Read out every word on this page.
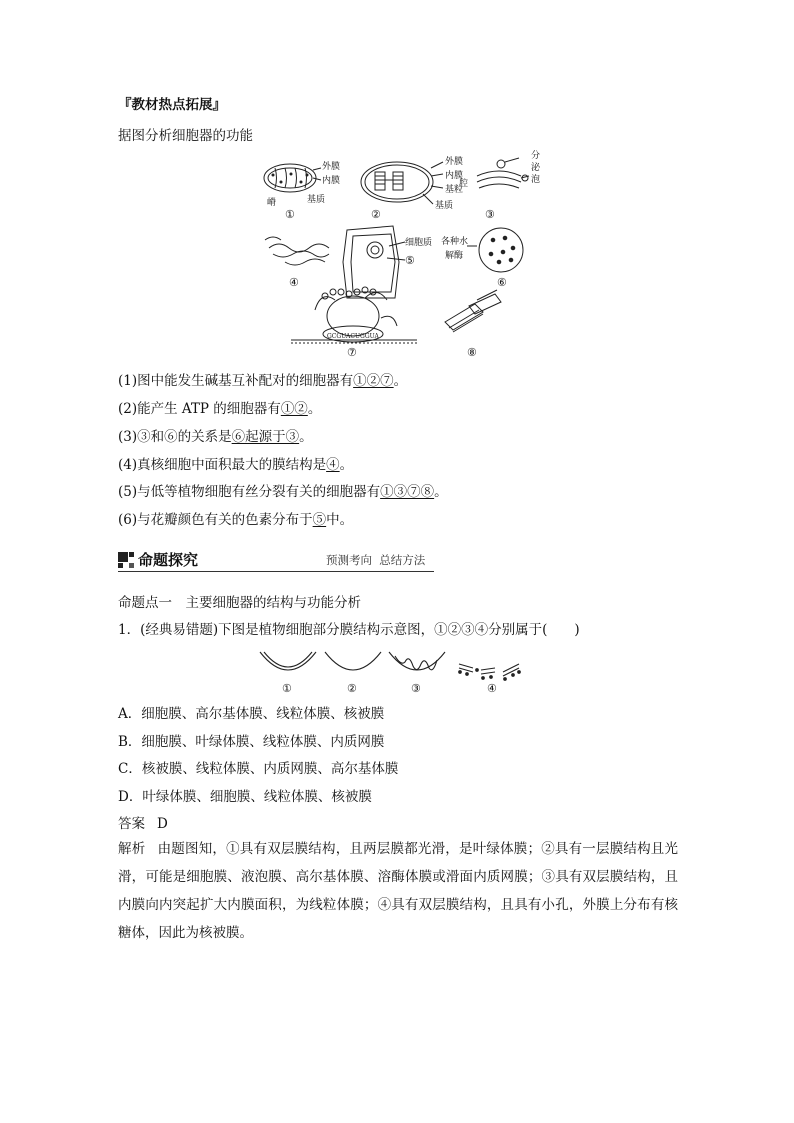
『教材热点拓展』
据图分析细胞器的功能
外膜
内膜
嵴	基质
①
外膜
内膜
基粒
基质
②
腔
分
泌
泡
③
④
细胞质
⑤
各种水
解酶
⑥
GCGUACUGGUA
⑦	⑧
(1)图中能发生碱基互补配对的细胞器有①②⑦。
(2)能产生 ATP 的细胞器有①②。
(3)③和⑥的关系是⑥起源于③。
(4)真核细胞中面积最大的膜结构是④。
(5)与低等植物细胞有丝分裂有关的细胞器有①③⑦⑧。
(6)与花瓣颜色有关的色素分布于⑤中。
命题探究	预测考向  总结方法
命题点一　主要细胞器的结构与功能分析
1．(经典易错题)下图是植物细胞部分膜结构示意图，①②③④分别属于(　　)
①	②	③	④
A．细胞膜、高尔基体膜、线粒体膜、核被膜
B．细胞膜、叶绿体膜、线粒体膜、内质网膜
C．核被膜、线粒体膜、内质网膜、高尔基体膜
D．叶绿体膜、细胞膜、线粒体膜、核被膜
答案 D
解析 由题图知，①具有双层膜结构，且两层膜都光滑，是叶绿体膜；②具有一层膜结构且光滑，可能是细胞膜、液泡膜、高尔基体膜、溶酶体膜或滑面内质网膜；③具有双层膜结构，且内膜向内突起扩大内膜面积，为线粒体膜；④具有双层膜结构，且具有小孔，外膜上分布有核糖体，因此为核被膜。
